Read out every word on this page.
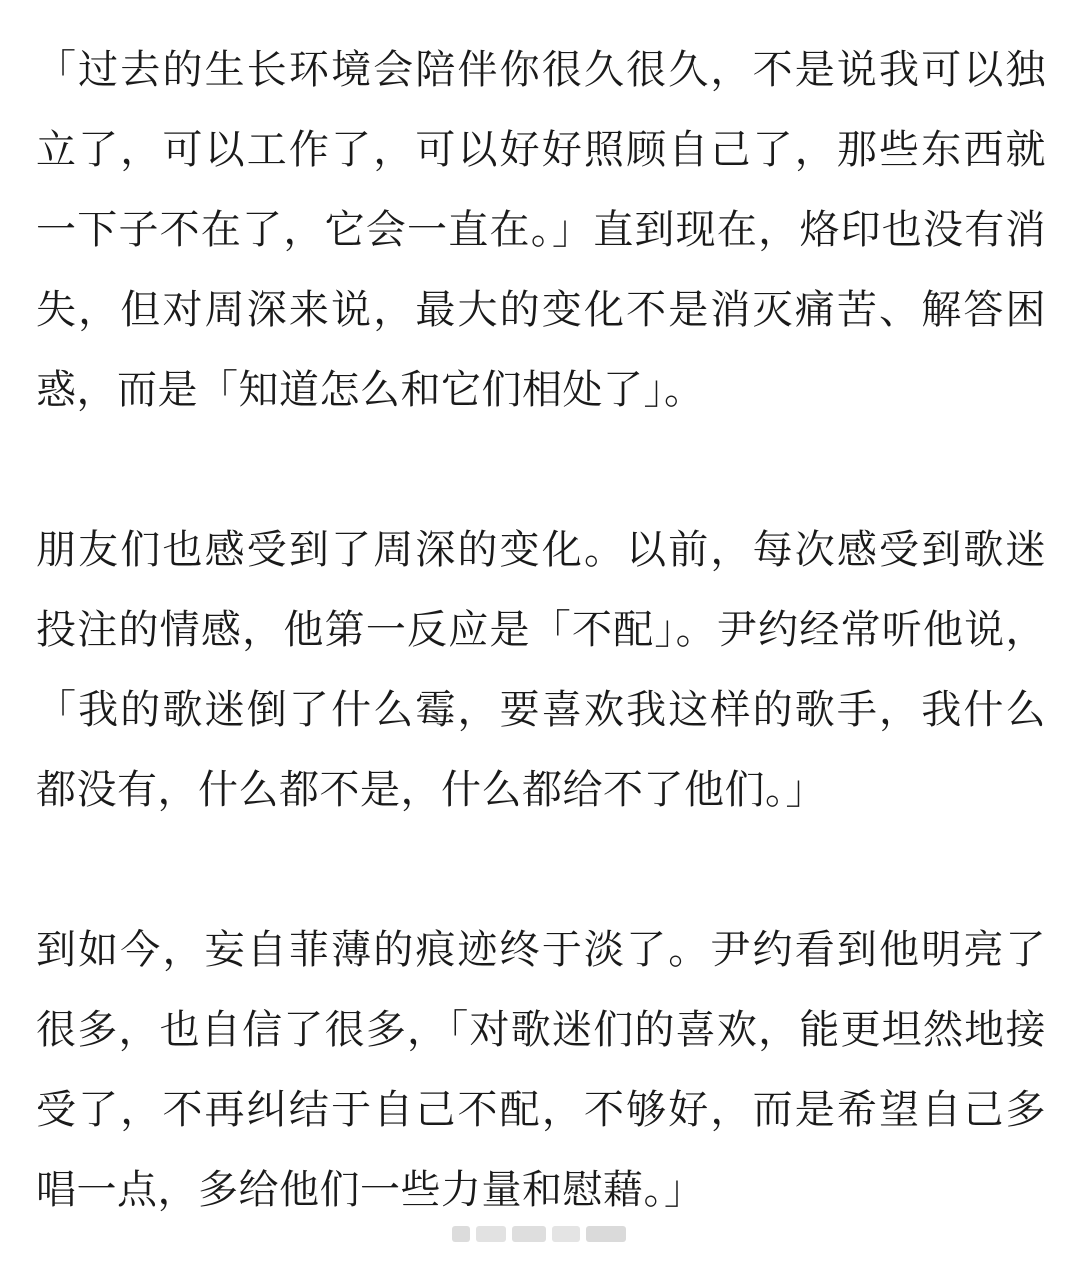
「过去的生长环境会陪伴你很久很久，不是说我可以独立了，可以工作了，可以好好照顾自己了，那些东西就一下子不在了，它会一直在。」直到现在，烙印也没有消失，但对周深来说，最大的变化不是消灭痛苦、解答困惑，而是「知道怎么和它们相处了」。

朋友们也感受到了周深的变化。以前，每次感受到歌迷投注的情感，他第一反应是「不配」。尹约经常听他说，「我的歌迷倒了什么霉，要喜欢我这样的歌手，我什么都没有，什么都不是，什么都给不了他们。」

到如今，妄自菲薄的痕迹终于淡了。尹约看到他明亮了很多，也自信了很多，「对歌迷们的喜欢，能更坦然地接受了，不再纠结于自己不配，不够好，而是希望自己多唱一点，多给他们一些力量和慰藉。」
